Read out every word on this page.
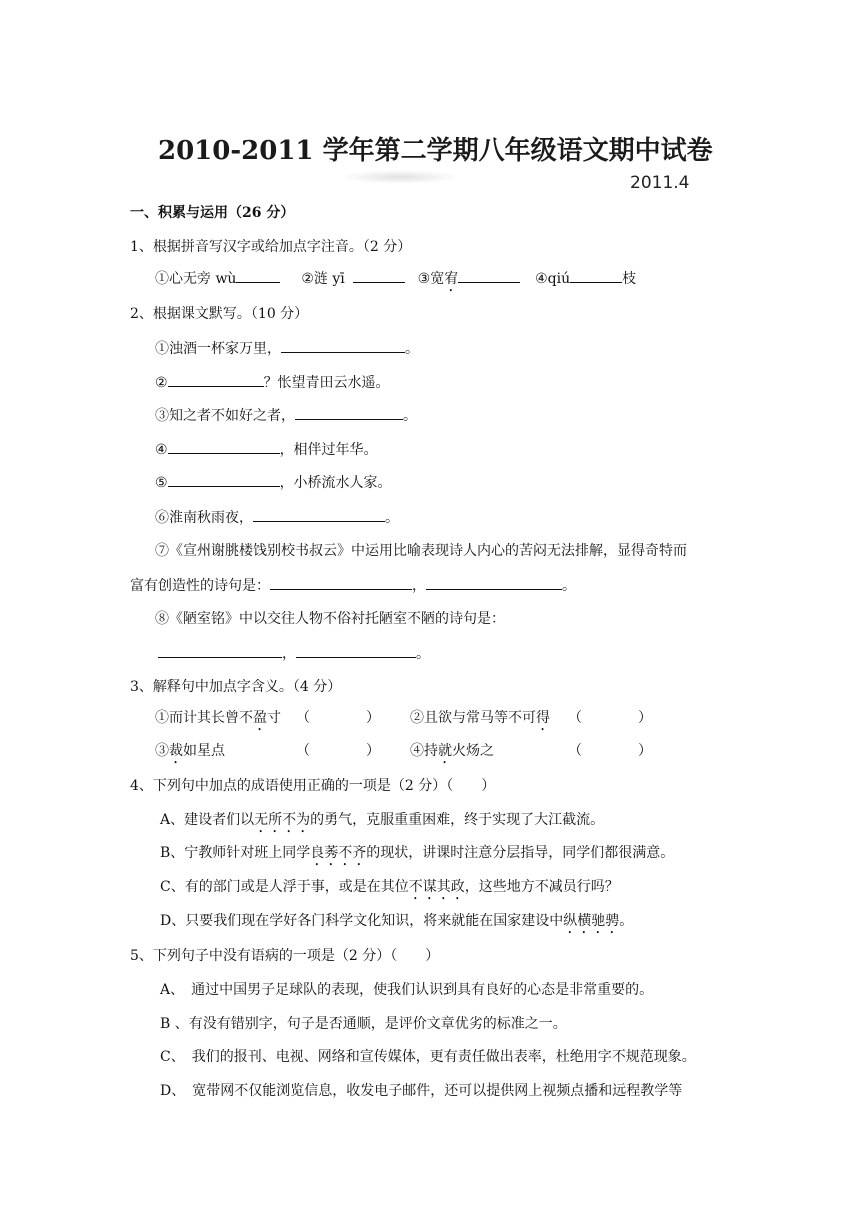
2010-2011 学年第二学期八年级语文期中试卷
2011.4
一、积累与运用（26 分）
1、根据拼音写汉字或给加点字注音。（2 分）
①心无旁 wù	②涟 yī	③宽宥	④qiú	枝
2、根据课文默写。（10 分）
①浊酒一杯家万里，	。
②	？怅望青田云水遥。
③知之者不如好之者，	。
④	，相伴过年华。
⑤	，小桥流水人家。
⑥淮南秋雨夜，	。
⑦《宣州谢朓楼饯别校书叔云》中运用比喻表现诗人内心的苦闷无法排解，显得奇特而
富有创造性的诗句是：	，	。
⑧《陋室铭》中以交往人物不俗衬托陋室不陋的诗句是：
，	。
3、解释句中加点字含义。（4 分）
①而计其长曾不盈寸 （　　　　） ②且欲与常马等不可得 （　　　　）
③裁如星点	（　　　　） ④持就火炀之	（　　　　）
4、下列句中加点的成语使用正确的一项是（2 分）（　　）
A、建设者们以无所不为的勇气，克服重重困难，终于实现了大江截流。
B、宁教师针对班上同学良莠不齐的现状，讲课时注意分层指导，同学们都很满意。
C、有的部门或是人浮于事，或是在其位不谋其政，这些地方不减员行吗？
D、只要我们现在学好各门科学文化知识，将来就能在国家建设中纵横驰骋。
5、下列句子中没有语病的一项是（2 分）（　　）
A、　通过中国男子足球队的表现，使我们认识到具有良好的心态是非常重要的。
B 、有没有错别字，句子是否通顺，是评价文章优劣的标准之一。
C、　我们的报刊、电视、网络和宣传媒体，更有责任做出表率，杜绝用字不规范现象。
D、　宽带网不仅能浏览信息，收发电子邮件，还可以提供网上视频点播和远程教学等
